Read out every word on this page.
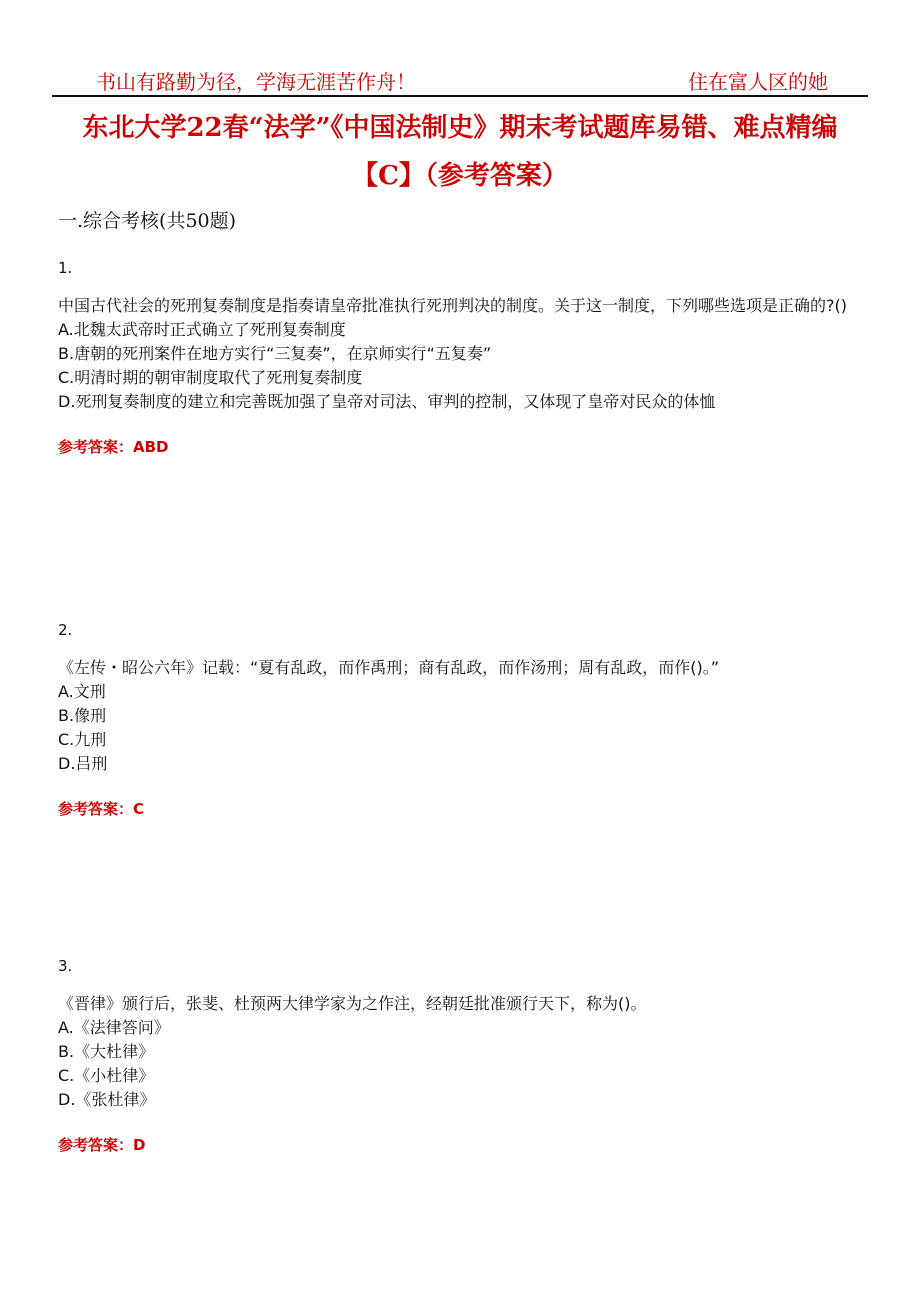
书山有路勤为径，学海无涯苦作舟！	住在富人区的她
东北大学22春“法学”《中国法制史》期末考试题库易错、难点精编【C】（参考答案）
一.综合考核(共50题)
1.
中国古代社会的死刑复奏制度是指奏请皇帝批准执行死刑判决的制度。关于这一制度，下列哪些选项是正确的?()
A.北魏太武帝时正式确立了死刑复奏制度
B.唐朝的死刑案件在地方实行“三复奏”，在京师实行“五复奏”
C.明清时期的朝审制度取代了死刑复奏制度
D.死刑复奏制度的建立和完善既加强了皇帝对司法、审判的控制，又体现了皇帝对民众的体恤
参考答案：ABD
2.
《左传・昭公六年》记载：“夏有乱政，而作禹刑；商有乱政，而作汤刑；周有乱政，而作()。”
A.文刑
B.像刑
C.九刑
D.吕刑
参考答案：C
3.
《晋律》颁行后，张斐、杜预两大律学家为之作注，经朝廷批准颁行天下，称为()。
A.《法律答问》
B.《大杜律》
C.《小杜律》
D.《张杜律》
参考答案：D
